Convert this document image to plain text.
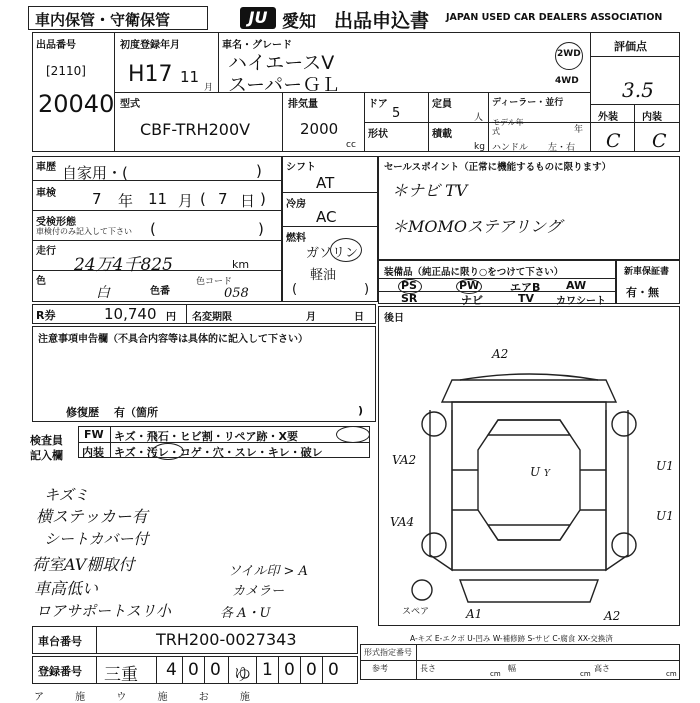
車内保管・守衛保管	JU 愛知 出品申込書 JAPAN USED CAR DEALERS ASSOCIATION
出品番号
[2110]
20040
初度登録年月
H17 11
月
車名・グレード
ハイエースV
スーパーＧＬ
2WD
4WD
評価点
3.5
外装 内装
C C
型式
CBF-TRH200V
排気量
2000
cc
ドア
5
定員
人
ディーラー・並行
モデル年式	年
ハンドル 左・右
形状	積載
kg
車歴 自家用・(	)
車検 7 年 11 月 ( 7 日 )
受検形態
車検付のみ記入して下さい (	)
走行
24万4千825	km
色
白	色番
色コード
058
シフト
AT
冷房
AC
燃料
ガソリン
軽油
(	)
セールスポイント（正常に機能するものに限ります）
＊ナビ TV
＊MOMOステアリング
装備品（純正品に限り○をつけて下さい）
PS	PW	エアB AW
SR	ナビ	TV カワシート
新車保証書
有・無
R券	10,740 円 名変期限	月	日 後日
注意事項申告欄（不具合内容等は具体的に記入して下さい）
修復歴 有（箇所	)
検査員
記入欄
FW キズ・飛石・ヒビ割・リペア跡・X要
内装 キズ・汚レ・コゲ・穴・スレ・キレ・破レ
キズミ
横ステッカー有
シートカバー付
荷室AV棚取付
車高低い
ロアサポートスリ小
ソイル印 > A
カメラー
各 A・U
A2
VA2	U1
VA4	U1
A1	A2
U Y
スペア
A-キズ E-エクボ U-凹み W-補修跡 S-サビ C-腐食 XX-交換済
車台番号	TRH200-0027343
登録番号 三重 4 0 0 ゆ 1 0 0 0
形式指定番号
参考	長さ
cm
幅
cm
高さ
cm
ア 施 ウ 施 お 施
